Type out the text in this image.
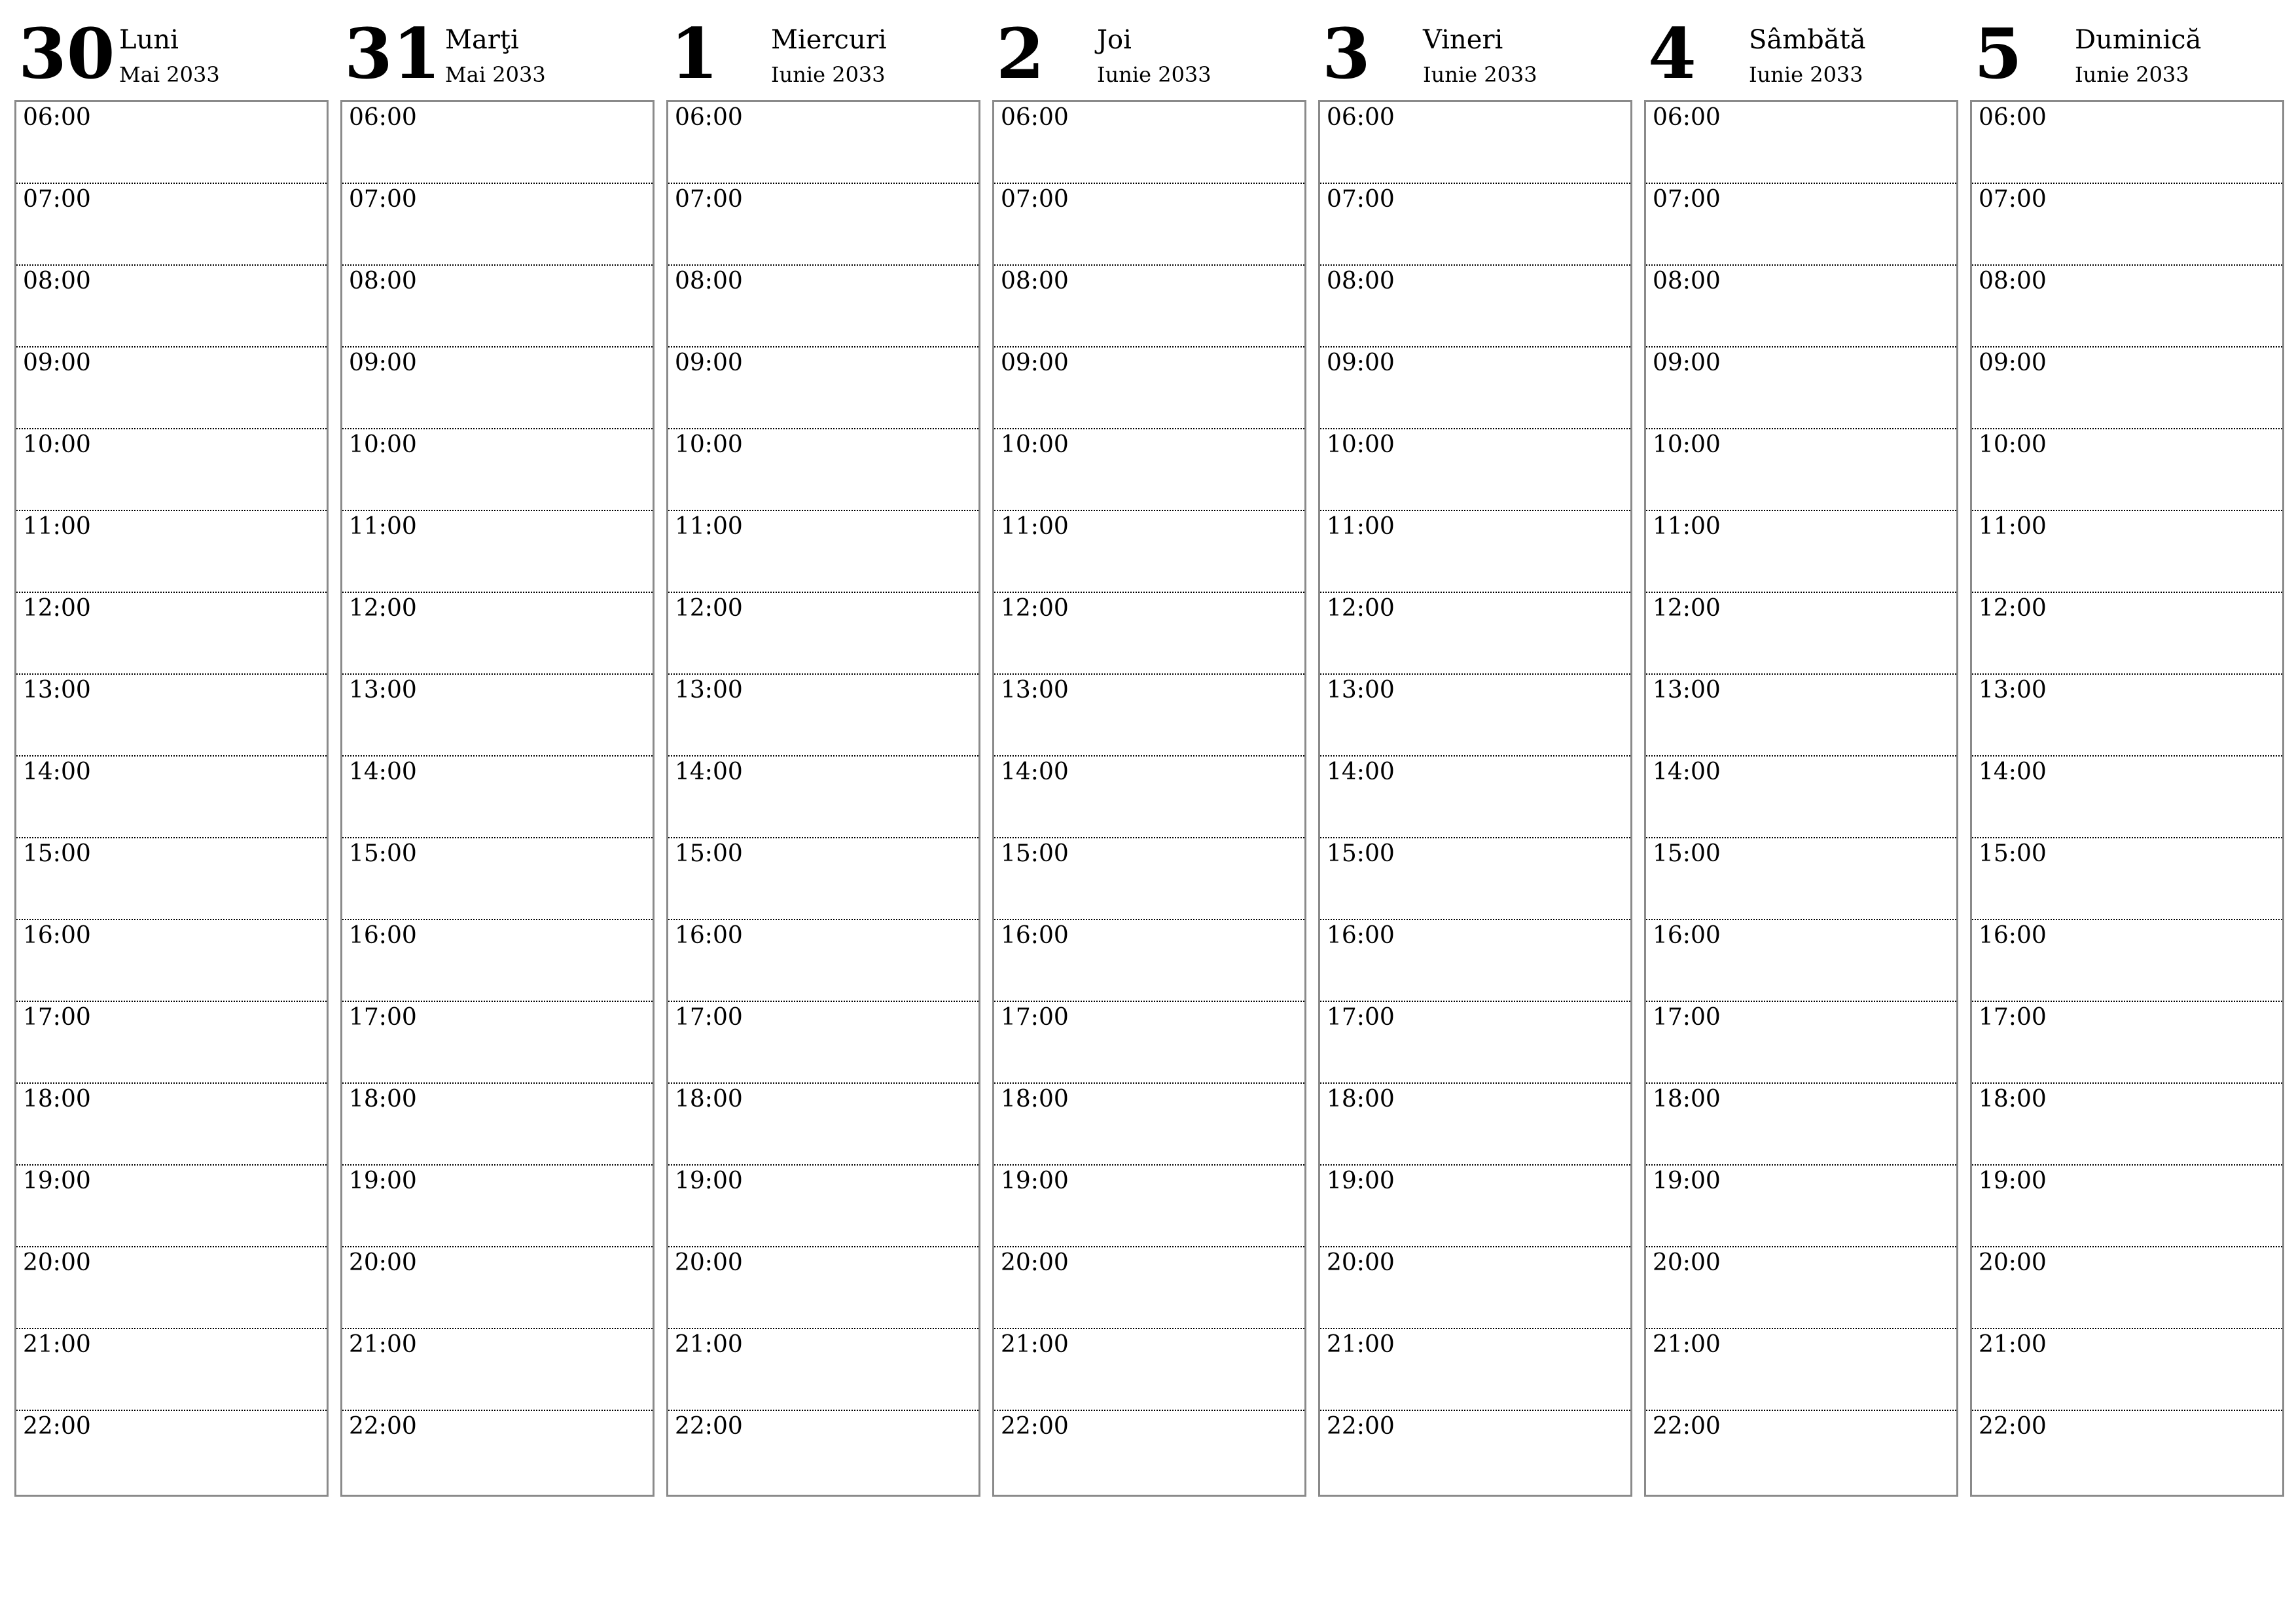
30 Luni
Mai 2033
06:00
07:00
08:00
09:00
10:00
11:00
12:00
13:00
14:00
15:00
16:00
17:00
18:00
19:00
20:00
21:00
22:00
31 Marţi
Mai 2033
06:00
07:00
08:00
09:00
10:00
11:00
12:00
13:00
14:00
15:00
16:00
17:00
18:00
19:00
20:00
21:00
22:00
1 Miercuri
Iunie 2033
06:00
07:00
08:00
09:00
10:00
11:00
12:00
13:00
14:00
15:00
16:00
17:00
18:00
19:00
20:00
21:00
22:00
2 Joi
Iunie 2033
06:00
07:00
08:00
09:00
10:00
11:00
12:00
13:00
14:00
15:00
16:00
17:00
18:00
19:00
20:00
21:00
22:00
3 Vineri
Iunie 2033
06:00
07:00
08:00
09:00
10:00
11:00
12:00
13:00
14:00
15:00
16:00
17:00
18:00
19:00
20:00
21:00
22:00
4 Sâmbătă
Iunie 2033
06:00
07:00
08:00
09:00
10:00
11:00
12:00
13:00
14:00
15:00
16:00
17:00
18:00
19:00
20:00
21:00
22:00
5 Duminică
Iunie 2033
06:00
07:00
08:00
09:00
10:00
11:00
12:00
13:00
14:00
15:00
16:00
17:00
18:00
19:00
20:00
21:00
22:00
